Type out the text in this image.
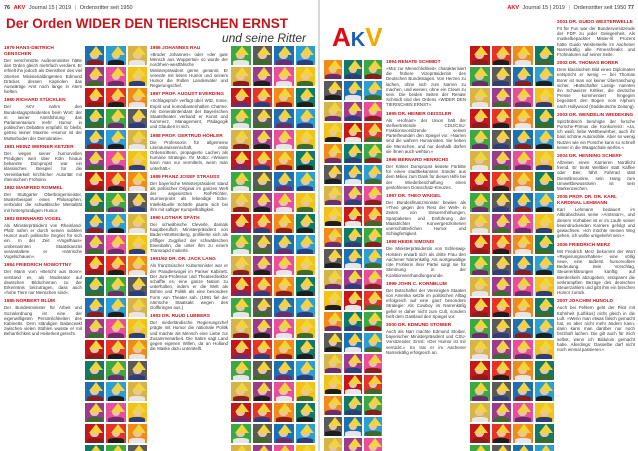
76 AKV Journal 15 | 2019 | Ordensritter seit 1950
Der Orden WIDER DEN TIERISCHEN ERNST
und seine Ritter
1979 HANS-DIETRICH GENSCHER
Der verschmitzte Außenminister hätte den Orden gleich mehrfach verdient. Er erhielt ihn jedoch als Dienstherr des viel zitierten Ministerialdirigenten Edmund Dräcker, dessen Kapriolen das Auswärtige Amt noch lange in Atem hielten.
1980 RICHARD STÜCKLEN
Der AKV nahm den Bundestagspräsidenten beim Wort: der in seiner Amtsführung das Parlamentarium mehr Humor in politischen Debatten empfahl. Er bleibt, getreu seiner Maxime »Humor ist der Mutterboden der Demokratie«.
1981 HEINZ WERNER KETZER
Der wegen seiner humorvollen Predigten weit über Köln hinaus bekannte Dompropst war ein klassisches Beispiel für die Vereinbarkeit kirchlicher Autorität mit rheinischem Frohsinn.
1982 MANFRED ROMMEL
Der Stuttgarter Oberbürgermeister, Musterbeispiel eines Philosophen, verbindet die schwäbische Mentalität mit hintergründigem Humor.
1983 BERNHARD VOGEL
Als Ministerpräsident von Rheinland-Pfalz nahm er durch seinen subtilen Humor auch politische Gegner für sich ein. In der Zeit »Vogelhaus« umbenannten Staatskanzlei veranstaltete er »närrische Vogelschauen«.
1984 FRIEDRICH NOWOTTNY
Der Mann vom »Bericht aus Bonn« verstand es, als Moderator auf deutschen Bildschirmen zu der Erkenntnis beizutragen, dass auch »hohe Tiere nur Menschen sind«.
1985 NORBERT BLÜM
Der Bundesminister für Arbeit und Sozialordnung ist eine der eigenwilligsten Persönlichkeiten des Kabinetts. Dem ständigen Balanceakt zwischen vielen Stühlen wusste er mit Beharrlichkeit und Heiterkeit gerecht.
1986 JOHANNES RAU
»Bruder Johannes« oder »der gute Mensch aus Wuppertal« so wurde der nordrhein-westfälische Ministerpräsident gerne genannt. Er vereinte mit leisen Humor und seinem Humor die Rollen Landesvater und Regierungschef.
1987 PROF. AUGUST EVERDING
»Schlagsprüf« verfügt über Witz, Ironie, Esprit und komödiantenhaften Charme. Als Generalintendant der Bayerischen Staatstheater verband er Kunst und Kommerz, Management, Pädagogik und Glauben in sich.
1988 PROF. GERTRUD HÖHLER
Die Professorin für allgemeine Literaturwissenschaft, erste Ordensritterin, propagierte Lachen als humane Strategie. Ihr Motto: »Wissen kann man nur vermitteln, wenn man unterhält.«
1989 FRANZ JOSEF STRAUSS
Der bayerische Ministerpräsident stand als politischer Original im ganzen Welt der angesetzten Rolf-Richter, sturmerprobt als lebendige Ecke. Intellektuelle Schärfe paarte sich bei ihm mit saftiger Kumpelhaftigkeit.
1990 LOTHAR SPÄTH
Der schwäbische Cleverle, damals hauptberuflich Ministerpräsident von Baden-Württemberg, profilierte sich als pfiffiger Zugpferd der schwäbischen Eisenbahn, die unter ihm zu einem Transrapid mutierte.
1991/92 DR. DR. JACK LANG
Als französischer Kulturminister war er der Paradiesvogel im Pariser Kabinett. Der Jura-Professor und Theaterdirektor schaffte es, eine ganze Nation zu unterhalten, indem er die Welt als Bühne und Politik als eine besondere Form von Theater sah. (1991 fiel der närrische Staatsakt wegen des Golfkrieges aus.)
1993 DR. RUUD LUBBERS
Der niederländische Regierungschef prägte mit Humor die nationale Politik und machte als Mensch eine Liebe zur Zusammenarbeit. Die Satire sagt Land gegen eigenen Willen, da an Holland die Maske dazu unterstellt.
AKV Journal 15 | 2019 | Ordensritter seit 1950 77
AKV
1994 RENATE SCHMIDT
»Mut zur Menschlichkeit« charakterisiert die frühere Vizepräsidentin des Deutschen Bundestages. Von Herzen zu lachen, ohne sich zum Narren zu machen, und weinen, ohne ein Clown zu sein. Die beiden Seiten der Renate Schmidt sind des Ordens »WIDER DEN TIERISCHEN ERNST«.
1995 DR. HEINER GEISSLER
Als »Hofnarr« der Union hält der stellvertretende CDU/CSU-Fraktionsvorsitzende seinen Parteifreunden den Spiegel vor. »Narren sind die wahren Humanisten. Sie lieben die Menschen, und nur deshalb dürfen sie ihnen auch wehtun.«
1996 BERNARD HENRICHS
Der Kölner Dompropst leistete Fürbitte für einen stadtbekannten Sünder aus dem Milieu zum Dank für diesen Hilfe bei der Wiederbeschaffung eines gestohlenen Domschatz-Kreuzes.
1997 DR. THEO WAIGEL
Der Bundesfinanzminister bewies als »Theo gegen den Rest der Welt« in Zeiten von Steuererhöhungen, Sparpaketen und Einführung der Maastrichter Konvergenzkriterien unerschütterlichen Humor und Schlagfertigkeit.
1998 HEIDE SIMONIS
Die Ministerpräsidentin von Schleswig-Holstein erwarb sich als dritte Frau den Aachener Narrenkäfig. Als wortgewaltige rote Frohlerin ihrer Partei sorgt sie für Stimmung in der Koalitionsverhandlungsrunde.
1999 JOHN C. KORNBLUM
Der Botschafter der Vereinigten Staaten von Amerika setzte im politischen Alltag erfolgreich auf eine ganz besondere Strategie: Als Cowboy im Narrenkäfig gefiel er daher nicht zum Cult, sondern hielt dem Gastland den Spiegel vor.
2000 DR. EDMUND STOIBER
Auch als Narr machte Edmund Stoiber, bayerischer Ministerpräsident und CSU-Vorsitzender, Ernst: »Der Humor ist mir verrückt.« So trat er im Aachener Narrenkäfig erfolgreich an.
2001 DR. GUIDO WESTERWELLE
Fit für Fun war der Bundesvorsitzende der FDP zu jeder Gelegenheit. Als muskelbepackter Mister-Ill Prozent hatte Guido Westerwelle im Aachener Narrenkäfig alle Fitnessfreaks und Frohnaturen auf seiner Seite.
2002 DR. THOMAS BORER
Dem klassischen Bild eines Diplomaten entspricht er wenig — bei Thomas Borer ist man vor keiner Überraschung sicher. »Botschafter Lustig« nannten ihn Schweizer Kritiker, die deutsche Presse kommentiert hingegen begeistert den Bogen vom Alphorn nach Hollywood (Süddeutsche Zeitung).
2003 DR. WENDELIN WIEDEKING
Spitzbübisch beruhigte der forsche Porsche-Primus die Konkurrenz: »Ja, ich weiß, liebe Wettbewerber, auch ihr baut schöne Automobile. Aber so wenig Nutzen wie ein Porsche kann so schnell keiner in die Waagschale werfen.«
2004 DR. HENNING SCHERF
Allzeiten einen Karrieren Nordlicht fremd. Er trinkt Weltbier statt Kaffee oder Bier, fährt Fahrrad statt Dienstlimousine, sein Hang zum Umweltbewusstsein ist sein Markenzeichen.
2005 PROF. DR. DR. KARL KARDINAL LEHMANN
Karl Lehmann bedauert im Altkrabschluss seine »Amtsnarr«, und diesem Vorhaben ist er im Laufe seiner beeindruckenden Karriere gefolgt und gewachsen. »Ich möchte meinen Weg gehen, ich wollte umgekehrt sein.«
2006 FRIEDRICH MERZ
Mit Friedrich Merz bekommt der Wort »Regierungsvorhaben« eine völlig neue, eine äußerst humorvollere Bedeutung. Sein Vorschlag, Steuererklärungen künftig auf Bierdeckeln abzugeben, entspannt die verkrampften Bezüge des deutschen Steuerzahlers und gibt ihm ein bisschen Humor zurück.
2007 JOACHIM HUNOLD
Auch bei Fehlern geht der Pilot mit Kühnheit (Luftikus) nicht gleich in die Luft. »Wenn man etwas falsch gemacht hat, es aber nicht mehr ändern kann, dann kann man darüber nur noch herzhaft lachen. Die gilt auch für mich selbst, wenn ich Bilduloin gemacht habe. Allerdings: Dasselbe darf nicht noch einmal passieren.«
